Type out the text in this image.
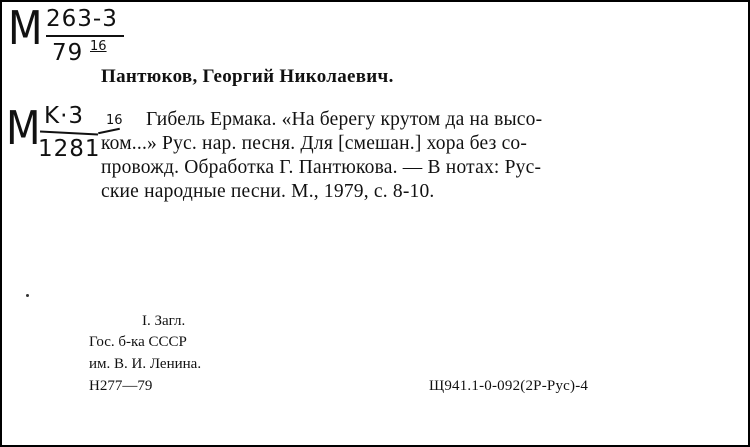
M 263-3
79 16
M K·3
1281
16
Пантюков, Георгий Николаевич.
Гибель Ермака. «На берегу крутом да на высо-
ком...» Рус. нар. песня. Для [смешан.] хора без со-
провожд. Обработка Г. Пантюкова. — В нотах: Рус-
ские народные песни. М., 1979, с. 8-10.
I. Загл.
Гос. б-ка СССР
им. В. И. Ленина.
Н277—79	Щ941.1-0-092(2Р-Рус)-4
